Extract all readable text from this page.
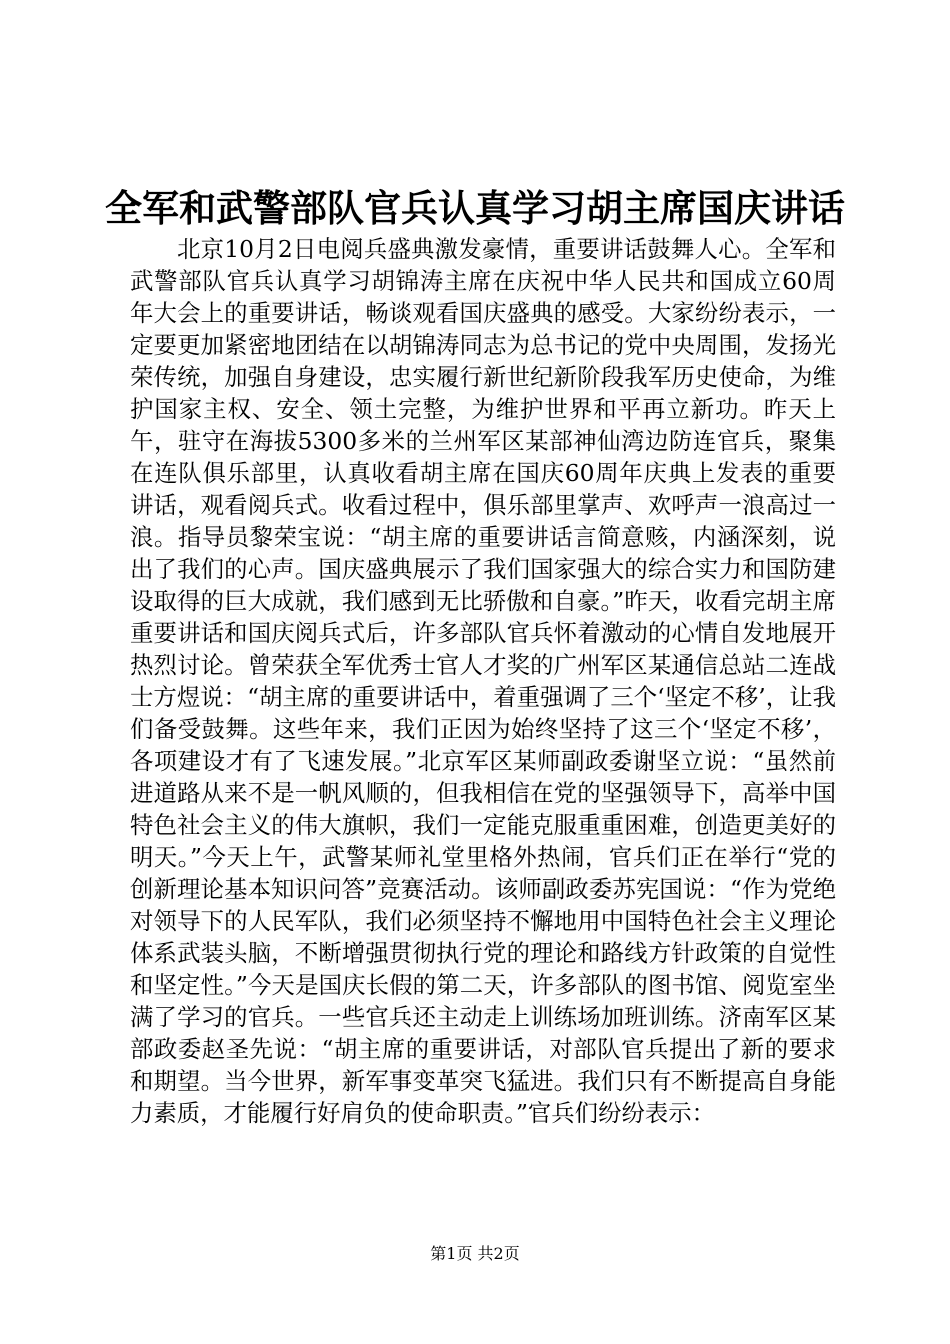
全军和武警部队官兵认真学习胡主席国庆讲话

北京10月2日电阅兵盛典激发豪情，重要讲话鼓舞人心。全军和武警部队官兵认真学习胡锦涛主席在庆祝中华人民共和国成立60周年大会上的重要讲话，畅谈观看国庆盛典的感受。大家纷纷表示，一定要更加紧密地团结在以胡锦涛同志为总书记的党中央周围，发扬光荣传统，加强自身建设，忠实履行新世纪新阶段我军历史使命，为维护国家主权、安全、领土完整，为维护世界和平再立新功。昨天上午，驻守在海拔5300多米的兰州军区某部神仙湾边防连官兵，聚集在连队俱乐部里，认真收看胡主席在国庆60周年庆典上发表的重要讲话，观看阅兵式。收看过程中，俱乐部里掌声、欢呼声一浪高过一浪。指导员黎荣宝说：“胡主席的重要讲话言简意赅，内涵深刻，说出了我们的心声。国庆盛典展示了我们国家强大的综合实力和国防建设取得的巨大成就，我们感到无比骄傲和自豪。”昨天，收看完胡主席重要讲话和国庆阅兵式后，许多部队官兵怀着激动的心情自发地展开热烈讨论。曾荣获全军优秀士官人才奖的广州军区某通信总站二连战士方煜说：“胡主席的重要讲话中，着重强调了三个‘坚定不移’，让我们备受鼓舞。这些年来，我们正因为始终坚持了这三个‘坚定不移’，各项建设才有了飞速发展。”北京军区某师副政委谢坚立说：“虽然前进道路从来不是一帆风顺的，但我相信在党的坚强领导下，高举中国特色社会主义的伟大旗帜，我们一定能克服重重困难，创造更美好的明天。”今天上午，武警某师礼堂里格外热闹，官兵们正在举行“党的创新理论基本知识问答”竞赛活动。该师副政委苏宪国说：“作为党绝对领导下的人民军队，我们必须坚持不懈地用中国特色社会主义理论体系武装头脑，不断增强贯彻执行党的理论和路线方针政策的自觉性和坚定性。”今天是国庆长假的第二天，许多部队的图书馆、阅览室坐满了学习的官兵。一些官兵还主动走上训练场加班训练。济南军区某部政委赵圣先说：“胡主席的重要讲话，对部队官兵提出了新的要求和期望。当今世界，新军事变革突飞猛进。我们只有不断提高自身能力素质，才能履行好肩负的使命职责。”官兵们纷纷表示：

第1页 共2页
